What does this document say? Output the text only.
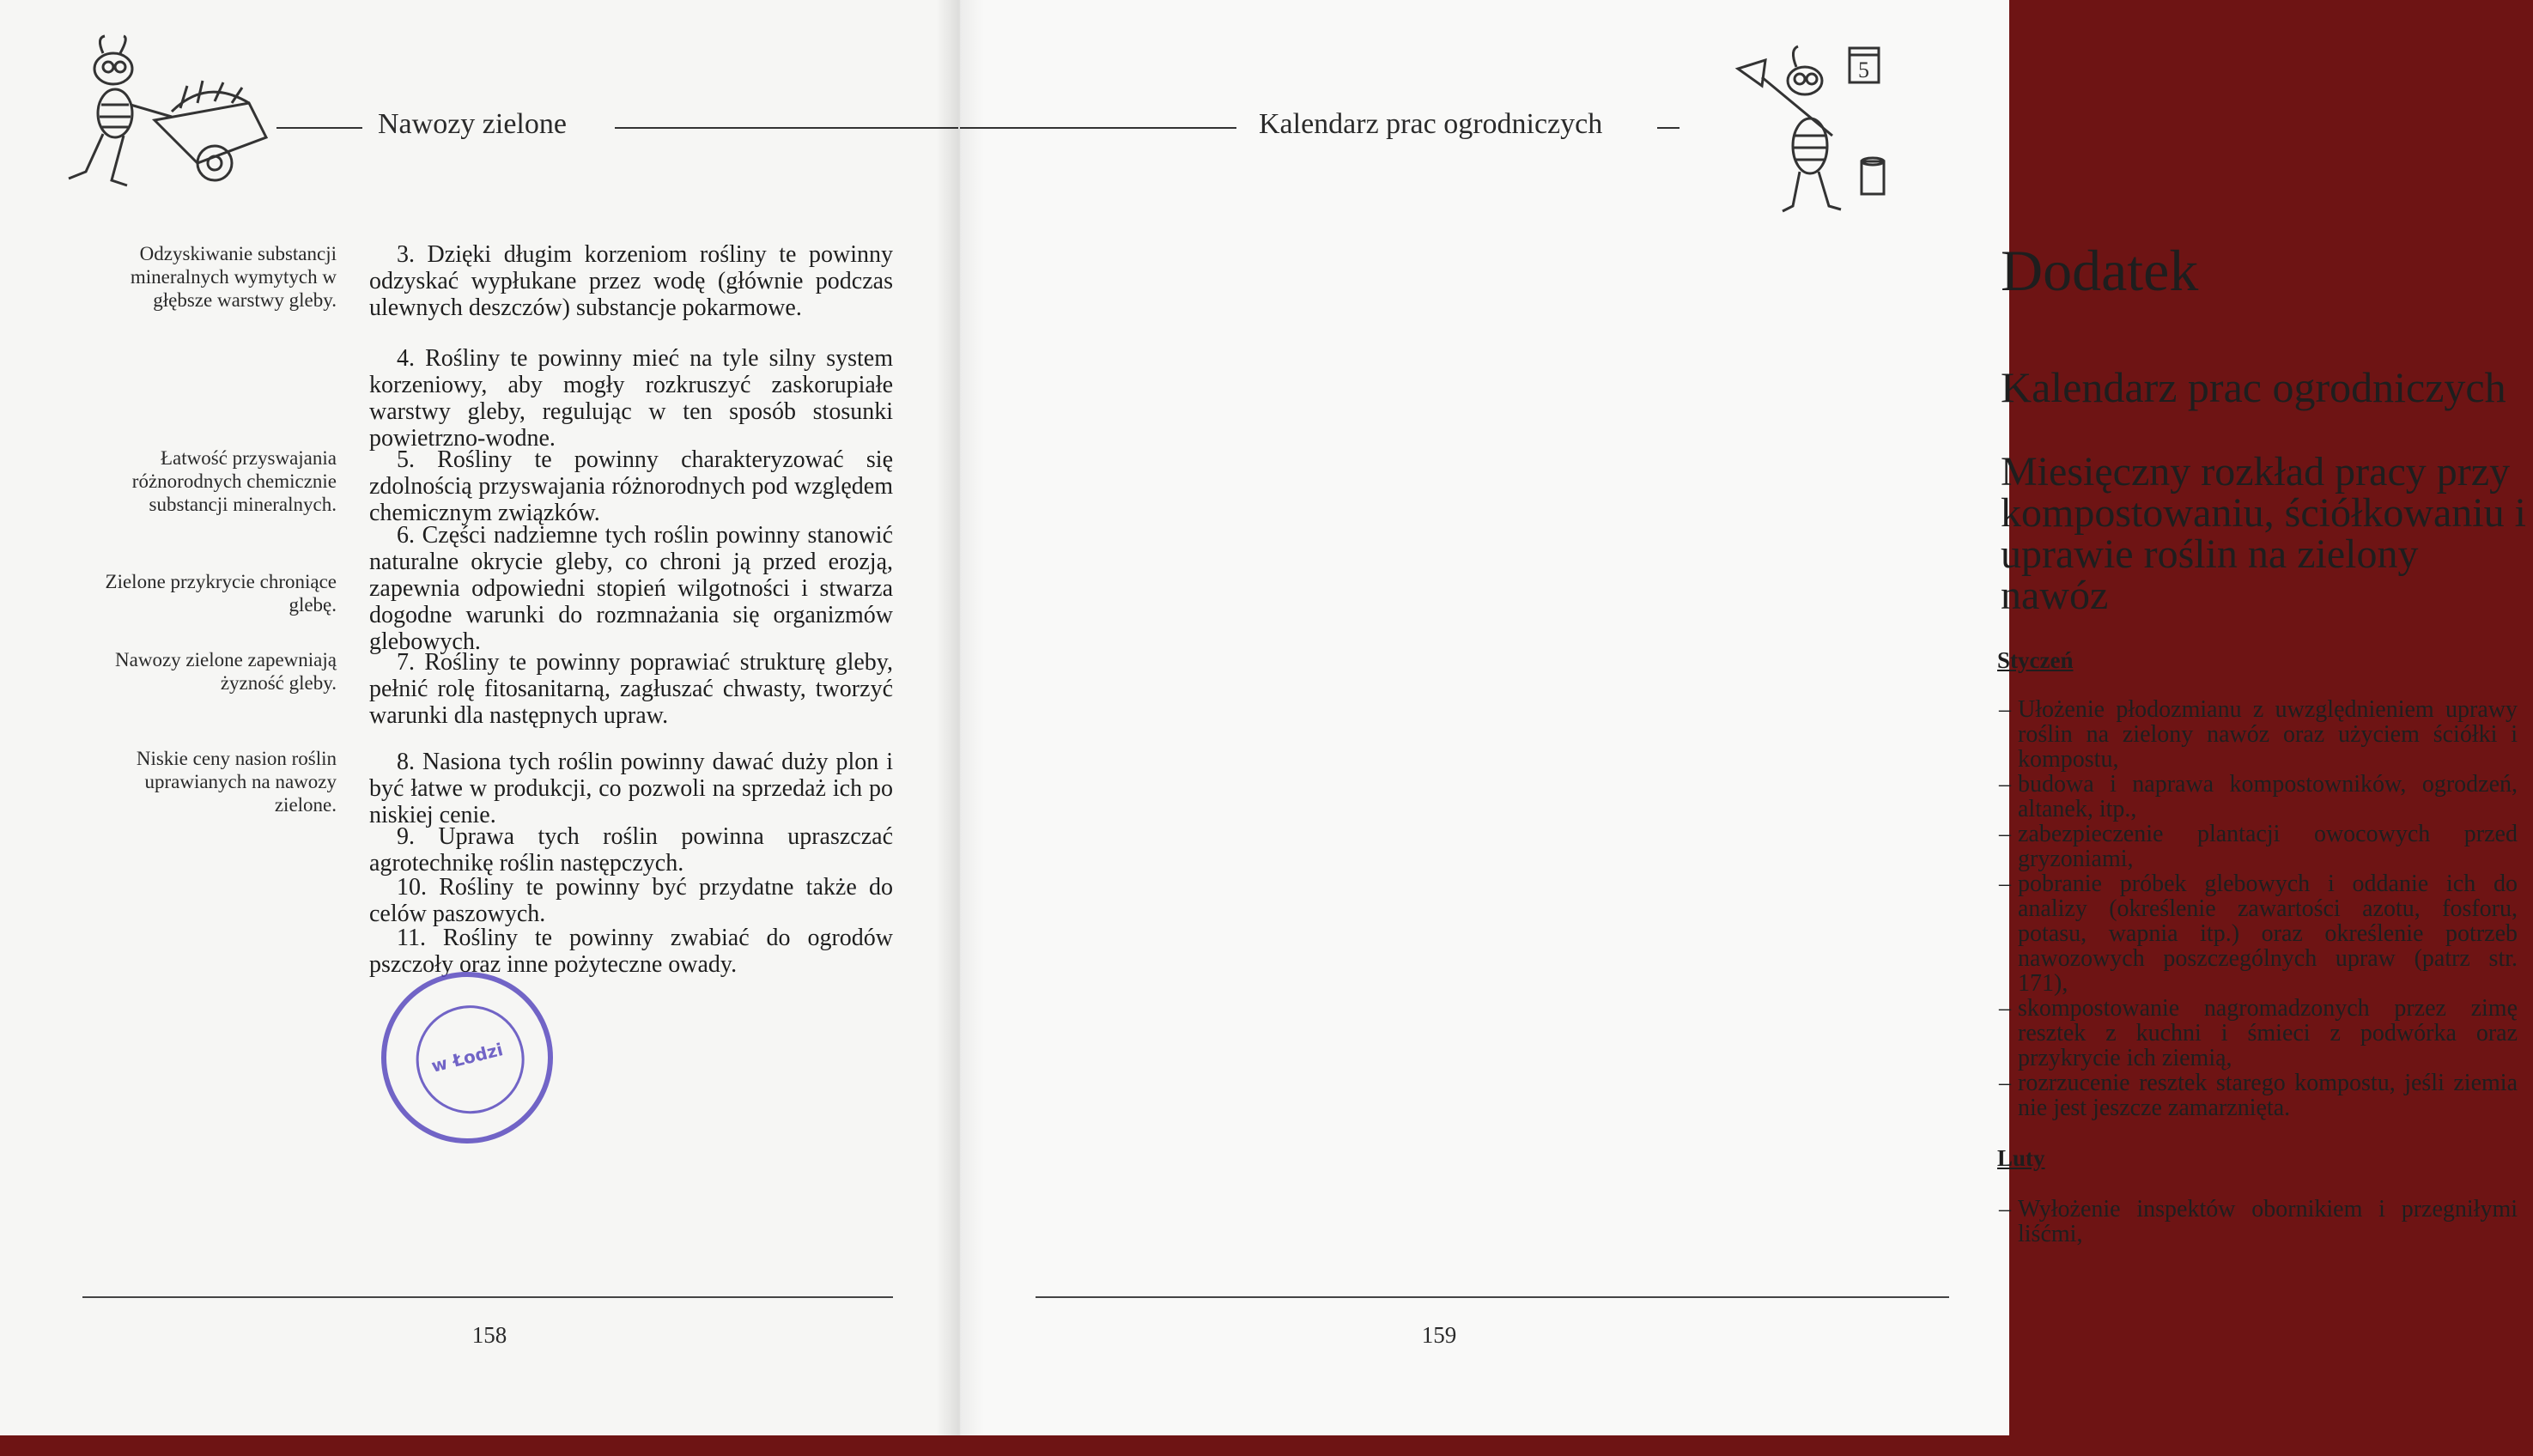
Nawozy zielone
Odzyskiwanie substancji mineralnych wymytych w głębsze warstwy gleby.
Łatwość przyswajania różnorodnych chemicznie substancji mineralnych.
Zielone przykrycie chroniące glebę.
Nawozy zielone zapewniają żyzność gleby.
Niskie ceny nasion roślin uprawianych na nawozy zielone.

3. Dzięki długim korzeniom rośliny te powinny odzyskać wypłukane przez wodę (głównie podczas ulewnych deszczów) substancje pokarmowe.

4. Rośliny te powinny mieć na tyle silny system korzeniowy, aby mogły rozkruszyć zaskorupiałe warstwy gleby, regulując w ten sposób stosunki powietrzno-wodne.

5. Rośliny te powinny charakteryzować się zdolnością przyswajania różnorodnych pod względem chemicznym związków.

6. Części nadziemne tych roślin powinny stanowić naturalne okrycie gleby, co chroni ją przed erozją, zapewnia odpowiedni stopień wilgotności i stwarza dogodne warunki do rozmnażania się organizmów glebowych.

7. Rośliny te powinny poprawiać strukturę gleby, pełnić rolę fitosanitarną, zagłuszać chwasty, tworzyć warunki dla następnych upraw.

8. Nasiona tych roślin powinny dawać duży plon i być łatwe w produkcji, co pozwoli na sprzedaż ich po niskiej cenie.

9. Uprawa tych roślin powinna upraszczać agrotechnikę roślin następczych.

10. Rośliny te powinny być przydatne także do celów paszowych.

11. Rośliny te powinny zwabiać do ogrodów pszczoły oraz inne pożyteczne owady.

w Łodzi
158
Kalendarz prac ogrodniczych
5
Dodatek
Kalendarz prac ogrodniczych
Miesięczny rozkład pracy przy kompostowaniu, ściółkowaniu i uprawie roślin na zielony nawóz
Styczeń
– Ułożenie płodozmianu z uwzględnieniem uprawy roślin na zielony nawóz oraz użyciem ściółki i kompostu,
– budowa i naprawa kompostowników, ogrodzeń, altanek, itp.,
– zabezpieczenie plantacji owocowych przed gryzoniami,
– pobranie próbek glebowych i oddanie ich do analizy (określenie zawartości azotu, fosforu, potasu, wapnia itp.) oraz określenie potrzeb nawozowych poszczególnych upraw (patrz str. 171),
– skompostowanie nagromadzonych przez zimę resztek z kuchni i śmieci z podwórka oraz przykrycie ich ziemią,
– rozrzucenie resztek starego kompostu, jeśli ziemia nie jest jeszcze zamarznięta.
Luty
– Wyłożenie inspektów obornikiem i przegniłymi liśćmi,
159
